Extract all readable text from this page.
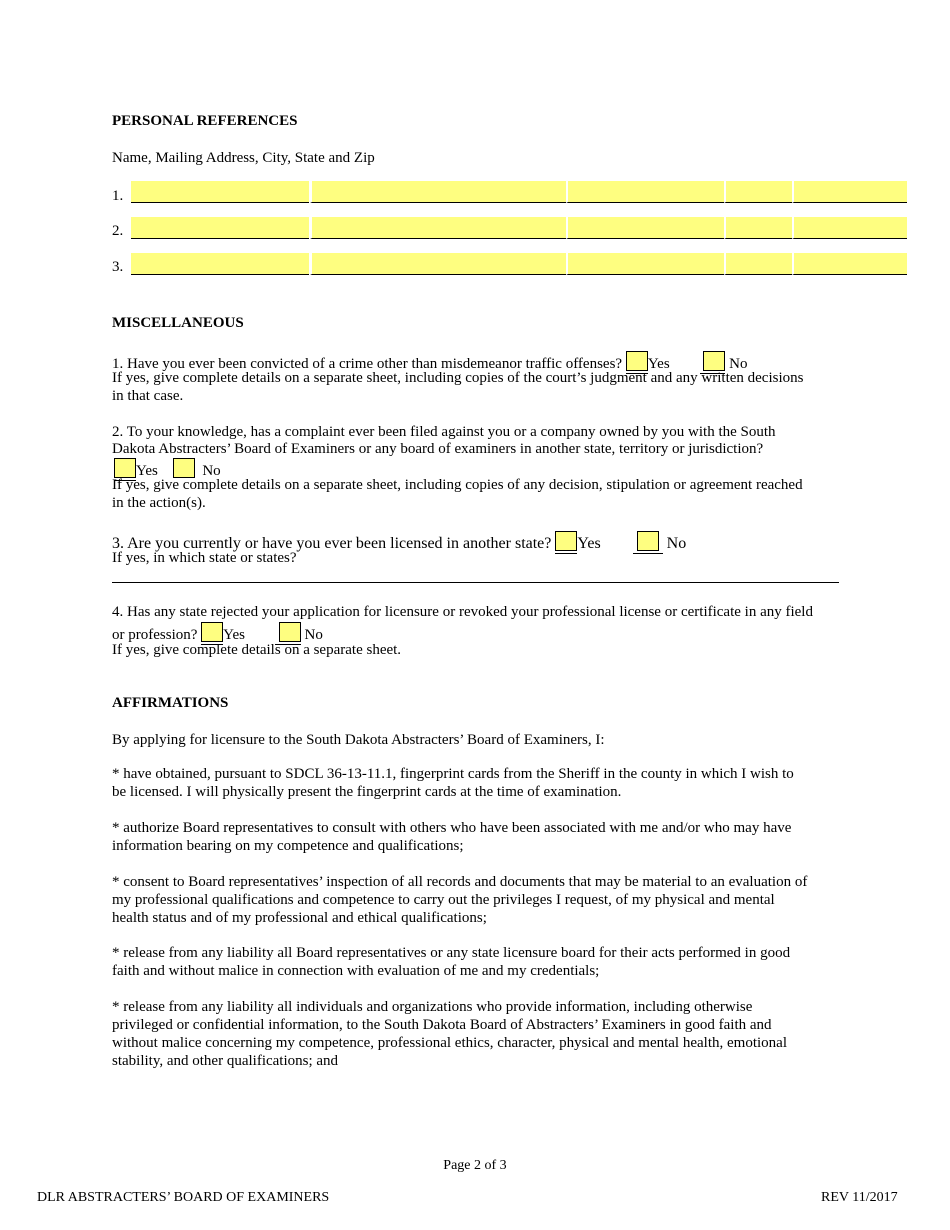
PERSONAL REFERENCES
Name, Mailing Address, City, State and Zip
1.
2.
3.
MISCELLANEOUS
1. Have you ever been convicted of a crime other than misdemeanor traffic offenses? Yes	No
If yes, give complete details on a separate sheet, including copies of the court’s judgment and any written decisions
in that case.
2. To your knowledge, has a complaint ever been filed against you or a company owned by you with the South
Dakota Abstracters’ Board of Examiners or any board of examiners in another state, territory or jurisdiction?
Yes	No
If yes, give complete details on a separate sheet, including copies of any decision, stipulation or agreement reached
in the action(s).
3. Are you currently or have you ever been licensed in another state? Yes	No
If yes, in which state or states?
4. Has any state rejected your application for licensure or revoked your professional license or certificate in any field
or profession? Yes	No
If yes, give complete details on a separate sheet.
AFFIRMATIONS
By applying for licensure to the South Dakota Abstracters’ Board of Examiners, I:
* have obtained, pursuant to SDCL 36-13-11.1, fingerprint cards from the Sheriff in the county in which I wish to
be licensed. I will physically present the fingerprint cards at the time of examination.
* authorize Board representatives to consult with others who have been associated with me and/or who may have
information bearing on my competence and qualifications;
* consent to Board representatives’ inspection of all records and documents that may be material to an evaluation of
my professional qualifications and competence to carry out the privileges I request, of my physical and mental
health status and of my professional and ethical qualifications;
* release from any liability all Board representatives or any state licensure board for their acts performed in good
faith and without malice in connection with evaluation of me and my credentials;
* release from any liability all individuals and organizations who provide information, including otherwise
privileged or confidential information, to the South Dakota Board of Abstracters’ Examiners in good faith and
without malice concerning my competence, professional ethics, character, physical and mental health, emotional
stability, and other qualifications; and
Page 2 of 3
DLR ABSTRACTERS’ BOARD OF EXAMINERS	REV 11/2017
